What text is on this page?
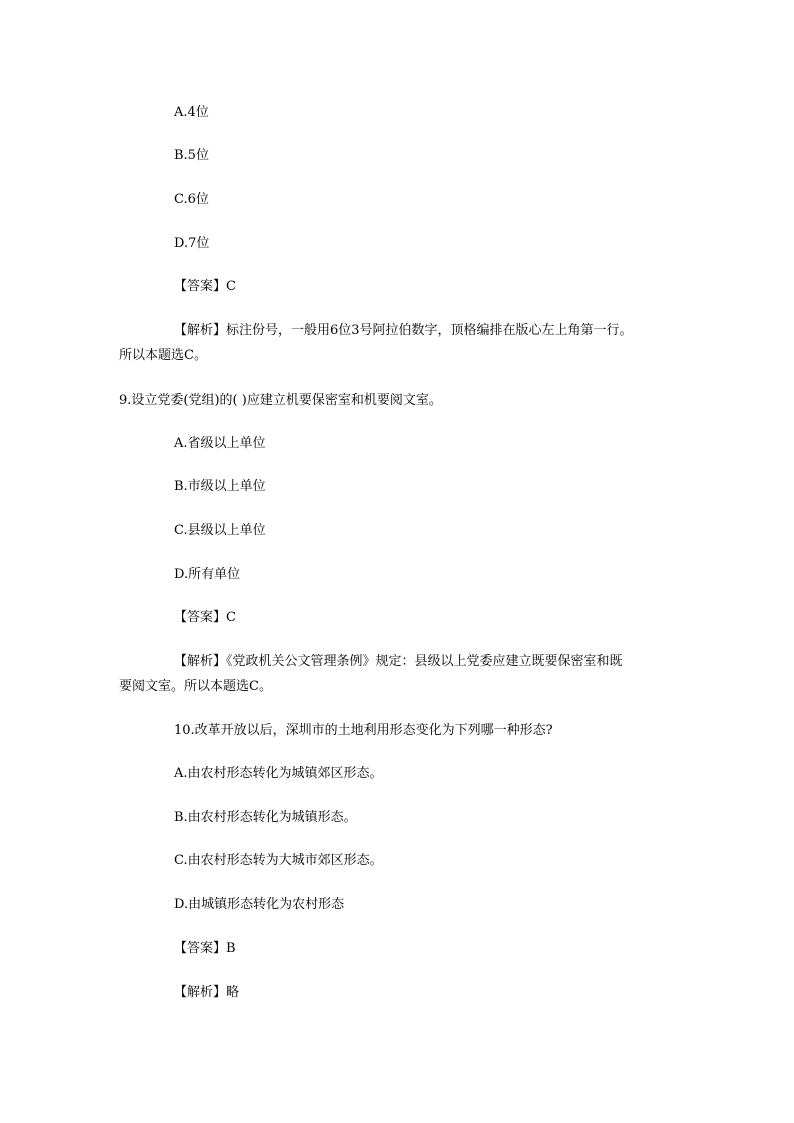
A.4位
B.5位
C.6位
D.7位
【答案】C
【解析】标注份号，一般用6位3号阿拉伯数字，顶格编排在版心左上角第一行。
所以本题选C。
9.设立党委(党组)的( )应建立机要保密室和机要阅文室。
A.省级以上单位
B.市级以上单位
C.县级以上单位
D.所有单位
【答案】C
【解析】《党政机关公文管理条例》规定：县级以上党委应建立既要保密室和既
要阅文室。所以本题选C。
10.改革开放以后，深圳市的土地利用形态变化为下列哪一种形态?
A.由农村形态转化为城镇郊区形态。
B.由农村形态转化为城镇形态。
C.由农村形态转为大城市郊区形态。
D.由城镇形态转化为农村形态
【答案】B
【解析】略
